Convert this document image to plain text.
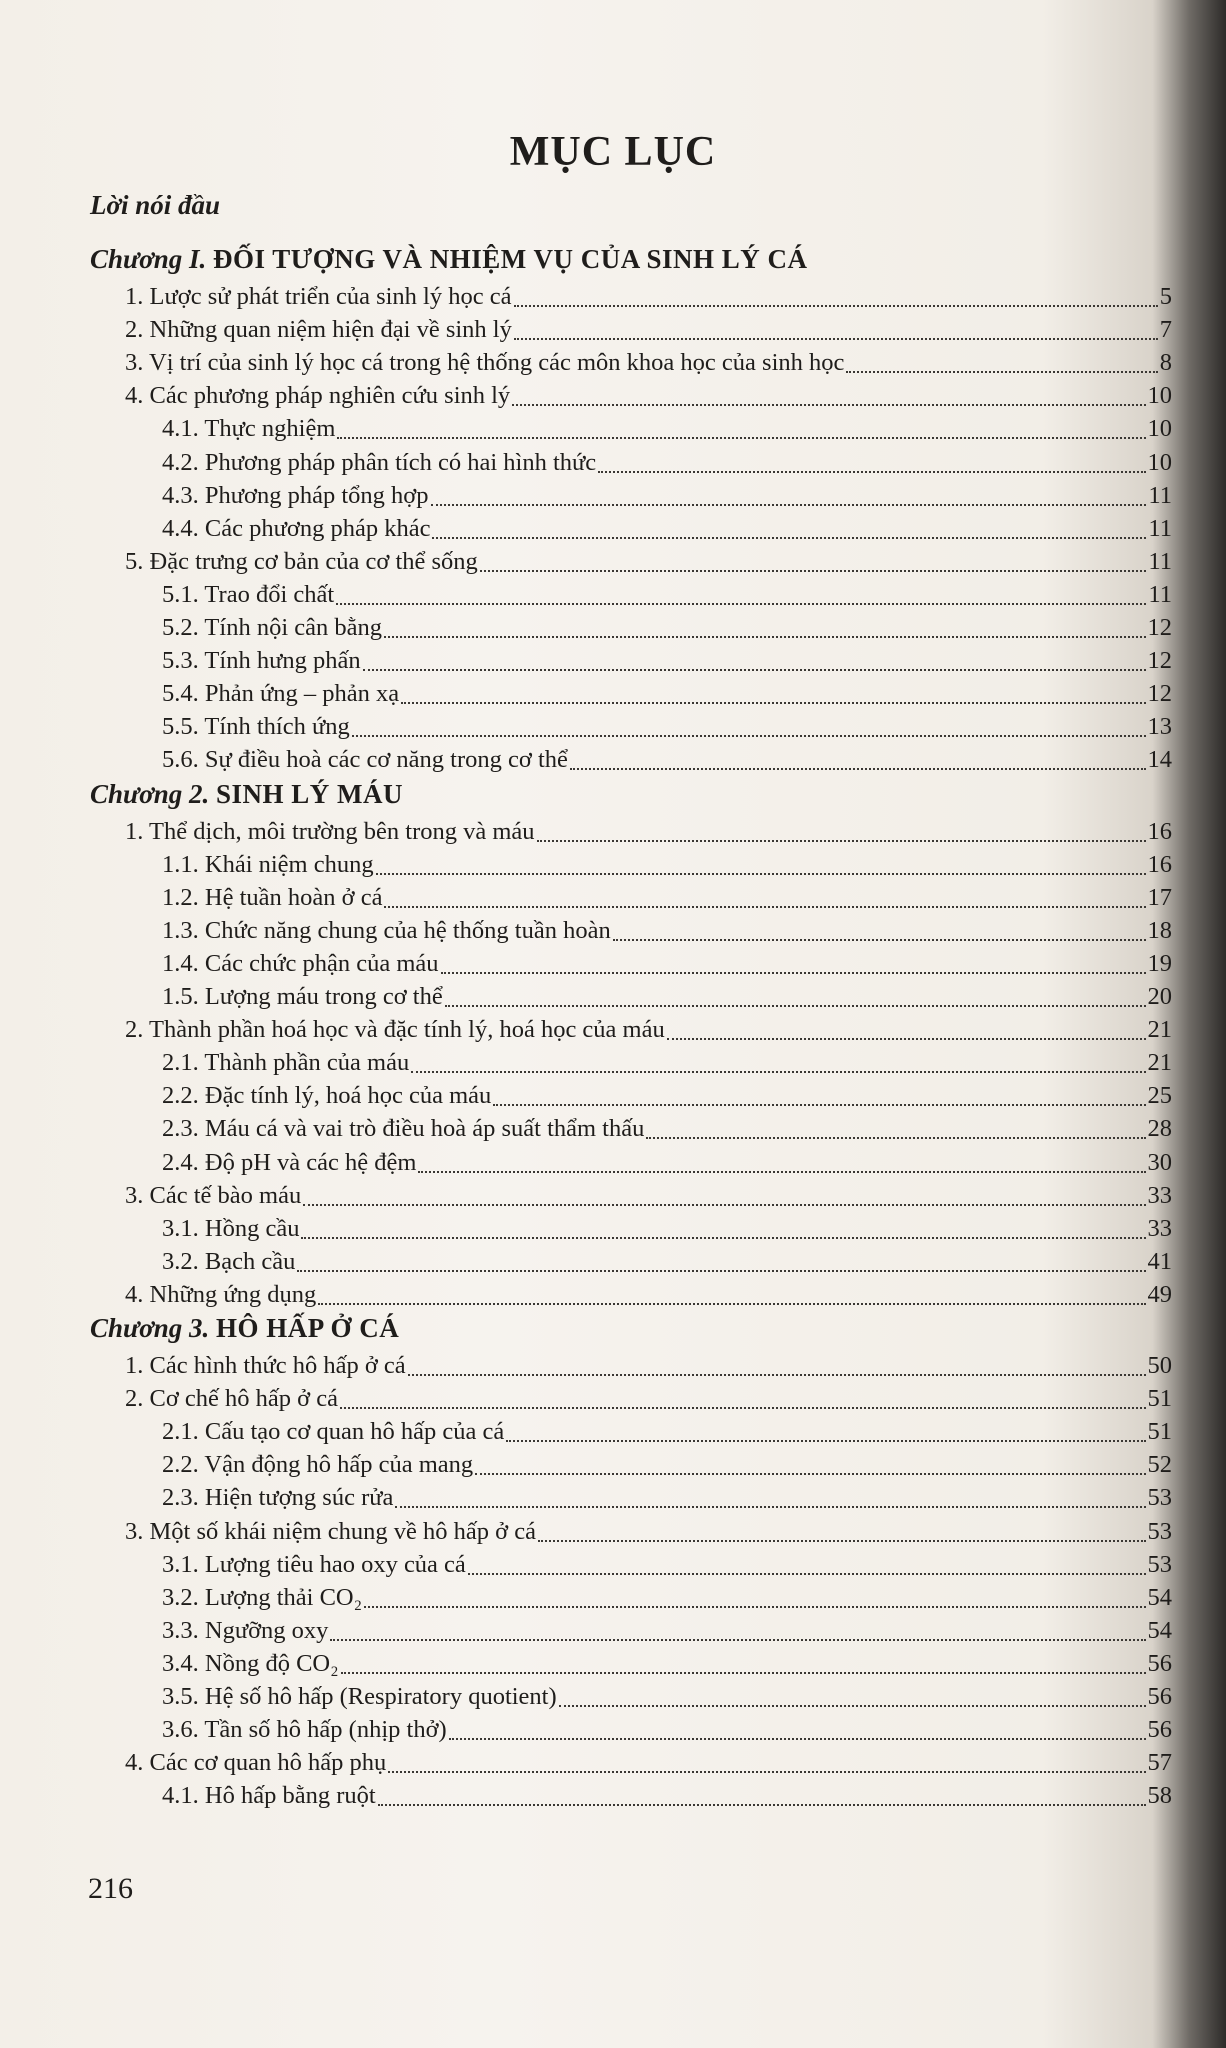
MỤC LỤC
Lời nói đầu
Chương I. ĐỐI TƯỢNG VÀ NHIỆM VỤ CỦA SINH LÝ CÁ
1. Lược sử phát triển của sinh lý học cá	5
2. Những quan niệm hiện đại về sinh lý	7
3. Vị trí của sinh lý học cá trong hệ thống các môn khoa học của sinh học	8
4. Các phương pháp nghiên cứu sinh lý	10
4.1. Thực nghiệm	10
4.2. Phương pháp phân tích có hai hình thức	10
4.3. Phương pháp tổng hợp	11
4.4. Các phương pháp khác	11
5. Đặc trưng cơ bản của cơ thể sống	11
5.1. Trao đổi chất	11
5.2. Tính nội cân bằng	12
5.3. Tính hưng phấn	12
5.4. Phản ứng – phản xạ	12
5.5. Tính thích ứng	13
5.6. Sự điều hoà các cơ năng trong cơ thể	14
Chương 2. SINH LÝ MÁU
1. Thể dịch, môi trường bên trong và máu	16
1.1. Khái niệm chung	16
1.2. Hệ tuần hoàn ở cá	17
1.3. Chức năng chung của hệ thống tuần hoàn	18
1.4. Các chức phận của máu	19
1.5. Lượng máu trong cơ thể	20
2. Thành phần hoá học và đặc tính lý, hoá học của máu	21
2.1. Thành phần của máu	21
2.2. Đặc tính lý, hoá học của máu	25
2.3. Máu cá và vai trò điều hoà áp suất thẩm thấu	28
2.4. Độ pH và các hệ đệm	30
3. Các tế bào máu	33
3.1. Hồng cầu	33
3.2. Bạch cầu	41
4. Những ứng dụng	49
Chương 3. HÔ HẤP Ở CÁ
1. Các hình thức hô hấp ở cá	50
2. Cơ chế hô hấp ở cá	51
2.1. Cấu tạo cơ quan hô hấp của cá	51
2.2. Vận động hô hấp của mang	52
2.3. Hiện tượng súc rửa	53
3. Một số khái niệm chung về hô hấp ở cá	53
3.1. Lượng tiêu hao oxy của cá	53
3.2. Lượng thải CO₂	54
3.3. Ngưỡng oxy	54
3.4. Nồng độ CO₂	56
3.5. Hệ số hô hấp (Respiratory quotient)	56
3.6. Tần số hô hấp (nhịp thở)	56
4. Các cơ quan hô hấp phụ	57
4.1. Hô hấp bằng ruột	58
216
